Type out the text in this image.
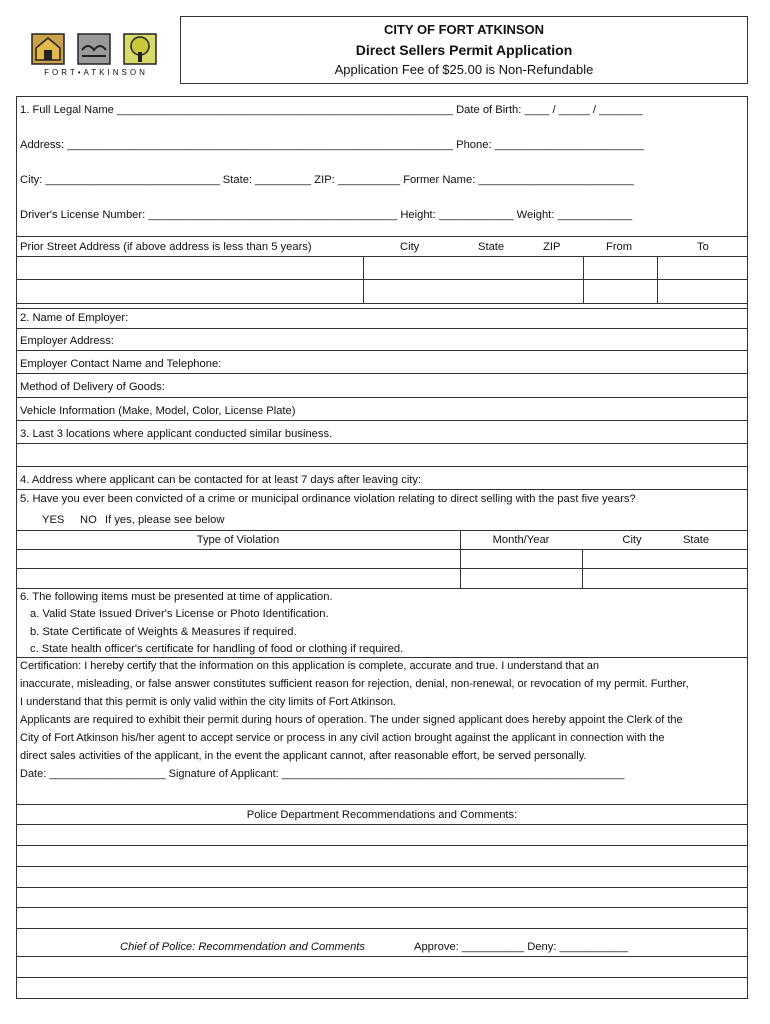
FORT•ATKINSON
CITY OF FORT ATKINSON
Direct Sellers Permit Application
Application Fee of $25.00 is Non-Refundable
1. Full Legal Name ______________________________________________________ Date of Birth: ____ / _____ / _______
Address: ______________________________________________________________ Phone: ________________________
City: ____________________________ State: _________ ZIP: __________ Former Name: _________________________
Driver's License Number: ________________________________________ Height: ____________ Weight: ____________
Prior Street Address (if above address is less than 5 years)	City	State	ZIP	From	To
2. Name of Employer:
Employer Address:
Employer Contact Name and Telephone:
Method of Delivery of Goods:
Vehicle Information (Make, Model, Color, License Plate)
3. Last 3 locations where applicant conducted similar business.
4. Address where applicant can be contacted for at least 7 days after leaving city:
5. Have you ever been convicted of a crime or municipal ordinance violation relating to direct selling with the past five years?
YES NO If yes, please see below
Type of Violation	Month/Year	City	State
6. The following items must be presented at time of application.
a. Valid State Issued Driver's License or Photo Identification.
b. State Certificate of Weights & Measures if required.
c. State health officer's certificate for handling of food or clothing if required.
Certification: I hereby certify that the information on this application is complete, accurate and true. I understand that an
inaccurate, misleading, or false answer constitutes sufficient reason for rejection, denial, non-renewal, or revocation of my permit. Further,
I understand that this permit is only valid within the city limits of Fort Atkinson.
Applicants are required to exhibit their permit during hours of operation. The under signed applicant does hereby appoint the Clerk of the
City of Fort Atkinson his/her agent to accept service or process in any civil action brought against the applicant in connection with the
direct sales activities of the applicant, in the event the applicant cannot, after reasonable effort, be served personally.
Date: ___________________ Signature of Applicant: ________________________________________________________
Police Department Recommendations and Comments:
Chief of Police: Recommendation and Comments	Approve: __________ Deny: ___________
